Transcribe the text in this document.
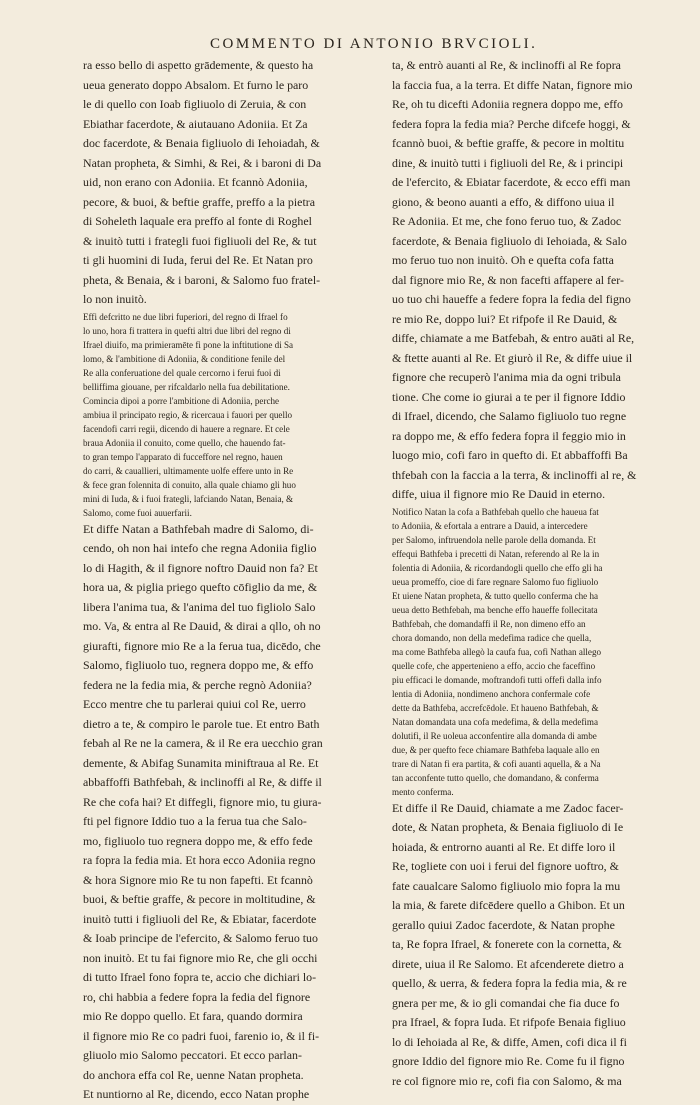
COMMENTO DI ANTONIO BRVCIOLI.
ra esso bello di aspetto grādemente, & questo ha
ueua generato doppo Absalom. Et furno le paro
le di quello con Ioab figliuolo di Zeruia, & con
Ebiathar facerdote, & aiutauano Adoniia. Et Za
doc facerdote, & Benaia figliuolo di Iehoiadah, &
Natan propheta, & Simhi, & Rei, & i baroni di Da
uid, non erano con Adoniia. Et fcannò Adoniia,
pecore, & buoi, & beftie graffe, preffo a la pietra
di Soheleth laquale era preffo al fonte di Roghel
& inuitò tutti i frategli fuoi figliuoli del Re, & tut
ti gli huomini di Iuda, ferui del Re. Et Natan pro
pheta, & Benaia, & i baroni, & Salomo fuo fratel-
lo non inuitò.
Effi defcritto ne due libri fuperiori, del regno di Ifrael fo
lo uno, hora fi trattera in quefti altri due libri del regno di
Ifrael diuifo, ma primieramēte fi pone la inftitutione di Sa
lomo, & l'ambitione di Adoniia, & conditione fenile del
Re alla conferuatione del quale cercorno i ferui fuoi di
belliffima giouane, per rifcaldarlo nella fua debilitatione.
Comincia dipoi a porre l'ambitione di Adoniia, perche
ambiua il principato regio, & ricercaua i fauori per quello
facendofi carri regii, dicendo di hauere a regnare. Et cele
braua Adoniia il conuito, come quello, che hauendo fat-
to gran tempo l'apparato di fucceffore nel regno, hauen
do carri, & cauallieri, ultimamente uolfe effere unto in Re
& fece gran folennita di conuito, alla quale chiamo gli huo
mini di Iuda, & i fuoi frategli, lafciando Natan, Benaia, &
Salomo, come fuoi auuerfarii.
Et diffe Natan a Bathfebah madre di Salomo, di-
cendo, oh non hai intefo che regna Adoniia figlio
lo di Hagith, & il fignore noftro Dauid non fa? Et
hora ua, & piglia priego quefto cōfiglio da me, &
libera l'anima tua, & l'anima del tuo figliolo Salo
mo. Va, & entra al Re Dauid, & dirai a qllo, oh no
giurafti, fignore mio Re a la ferua tua, dicēdo, che
Salomo, figliuolo tuo, regnera doppo me, & effo
federa ne la fedia mia, & perche regnò Adoniia?
Ecco mentre che tu parlerai quiui col Re, uerro
dietro a te, & compiro le parole tue. Et entro Bath
febah al Re ne la camera, & il Re era uecchio gran
demente, & Abifag Sunamita miniftraua al Re. Et
abbaffoffi Bathfebah, & inclinoffi al Re, & diffe il
Re che cofa hai? Et diffegli, fignore mio, tu giura-
fti pel fignore Iddio tuo a la ferua tua che Salo-
mo, figliuolo tuo regnera doppo me, & effo fede
ra fopra la fedia mia. Et hora ecco Adoniia regno
& hora Signore mio Re tu non fapefti. Et fcannò
buoi, & beftie graffe, & pecore in moltitudine, &
inuitò tutti i figliuoli del Re, & Ebiatar, facerdote
& Ioab principe de l'efercito, & Salomo feruo tuo
non inuitò. Et tu fai fignore mio Re, che gli occhi
di tutto Ifrael fono fopra te, accio che dichiari lo-
ro, chi habbia a federe fopra la fedia del fignore
mio Re doppo quello. Et fara, quando dormira
il fignore mio Re co padri fuoi, farenio io, & il fi-
gliuolo mio Salomo peccatori. Et ecco parlan-
do anchora effa col Re, uenne Natan propheta.
Et nuntiorno al Re, dicendo, ecco Natan prophe
ta, & entrò auanti al Re, & inclinoffi al Re fopra
la faccia fua, a la terra. Et diffe Natan, fignore mio
Re, oh tu dicefti Adoniia regnera doppo me, effo
federa fopra la fedia mia? Perche difcefe hoggi, &
fcannò buoi, & beftie graffe, & pecore in moltitu
dine, & inuitò tutti i figliuoli del Re, & i principi
de l'efercito, & Ebiatar facerdote, & ecco effi man
giono, & beono auanti a effo, & diffono uiua il
Re Adoniia. Et me, che fono feruo tuo, & Zadoc
facerdote, & Benaia figliuolo di Iehoiada, & Salo
mo feruo tuo non inuitò. Oh e quefta cofa fatta
dal fignore mio Re, & non facefti affapere al fer-
uo tuo chi haueffe a federe fopra la fedia del figno
re mio Re, doppo lui? Et rifpofe il Re Dauid, &
diffe, chiamate a me Batfebah, & entro auāti al Re,
& ftette auanti al Re. Et giurò il Re, & diffe uiue il
fignore che recuperò l'anima mia da ogni tribula
tione. Che come io giurai a te per il fignore Iddio
di Ifrael, dicendo, che Salamo figliuolo tuo regne
ra doppo me, & effo federa fopra il feggio mio in
luogo mio, cofi faro in quefto di. Et abbaffoffi Ba
thfebah con la faccia a la terra, & inclinoffi al re, &
diffe, uiua il fignore mio Re Dauid in eterno.
Notifico Natan la cofa a Bathfebah quello che haueua fat
to Adoniia, & efortala a entrare a Dauid, a intercedere
per Salomo, inftruendola nelle parole della domanda. Et
effequi Bathfeba i precetti di Natan, referendo al Re la in
folentia di Adoniia, & ricordandogli quello che effo gli ha
ueua promeffo, cioe di fare regnare Salomo fuo figliuolo
Et uiene Natan propheta, & tutto quello conferma che ha
ueua detto Bethfebah, ma benche effo haueffe follecitata
Bathfebah, che domandaffi il Re, non dimeno effo an
chora domando, non della medefima radice che quella,
ma come Bathfeba allegò la caufa fua, cofi Nathan allego
quelle cofe, che appertenieno a effo, accio che faceffino
piu efficaci le domande, moftrandofi tutti offefi dalla info
lentia di Adoniia, nondimeno anchora confermale cofe
dette da Bathfeba, accrefcēdole. Et haueno Bathfebah, &
Natan domandata una cofa medefima, & della medefima
dolutifi, il Re uoleua acconfentire alla domanda di ambe
due, & per quefto fece chiamare Bathfeba laquale allo en
trare di Natan fi era partita, & cofi auanti aquella, & a Na
tan acconfente tutto quello, che domandano, & conferma
mento conferma.
Et diffe il Re Dauid, chiamate a me Zadoc facer-
dote, & Natan propheta, & Benaia figliuolo di Ie
hoiada, & entrorno auanti al Re. Et diffe loro il
Re, togliete con uoi i ferui del fignore uoftro, &
fate caualcare Salomo figliuolo mio fopra la mu
la mia, & farete difcēdere quello a Ghibon. Et un
gerallo quiui Zadoc facerdote, & Natan prophe
ta, Re fopra Ifrael, & fonerete con la cornetta, &
direte, uiua il Re Salomo. Et afcenderete dietro a
quello, & uerra, & federa fopra la fedia mia, & re
gnera per me, & io gli comandai che fia duce fo
pra Ifrael, & fopra Iuda. Et rifpofe Benaia figliuo
lo di Iehoiada al Re, & diffe, Amen, cofi dica il fi
gnore Iddio del fignore mio Re. Come fu il figno
re col fignore mio re, cofi fia con Salomo, & ma
